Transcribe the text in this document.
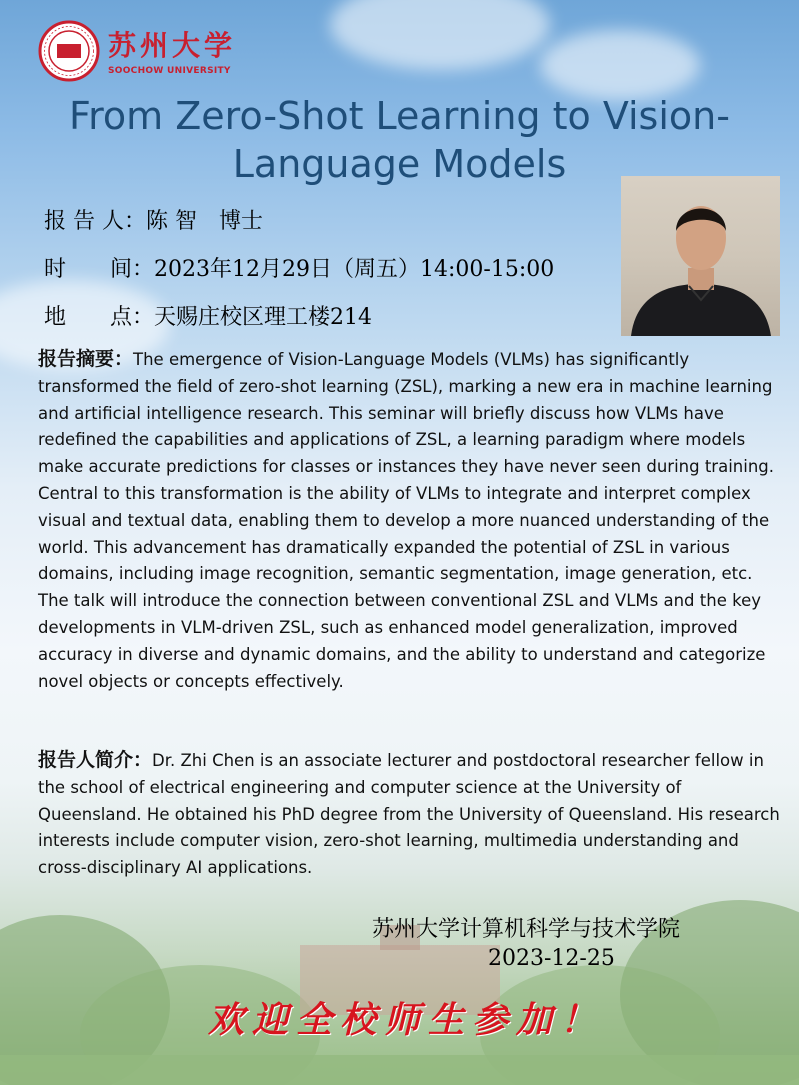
苏州大学
SOOCHOW UNIVERSITY
From Zero-Shot Learning to Vision-Language Models
报 告 人：陈 智　博士
时　　间：2023年12月29日（周五）14:00-15:00
地　　点：天赐庄校区理工楼214
报告摘要：The emergence of Vision-Language Models (VLMs) has significantly transformed the field of zero-shot learning (ZSL), marking a new era in machine learning and artificial intelligence research. This seminar will briefly discuss how VLMs have redefined the capabilities and applications of ZSL, a learning paradigm where models make accurate predictions for classes or instances they have never seen during training. Central to this transformation is the ability of VLMs to integrate and interpret complex visual and textual data, enabling them to develop a more nuanced understanding of the world. This advancement has dramatically expanded the potential of ZSL in various domains, including image recognition, semantic segmentation, image generation, etc. The talk will introduce the connection between conventional ZSL and VLMs and the key developments in VLM-driven ZSL, such as enhanced model generalization, improved accuracy in diverse and dynamic domains, and the ability to understand and categorize novel objects or concepts effectively.
报告人简介：Dr. Zhi Chen is an associate lecturer and postdoctoral researcher fellow in the school of electrical engineering and computer science at the University of Queensland. He obtained his PhD degree from the University of Queensland. His research interests include computer vision, zero-shot learning, multimedia understanding and cross-disciplinary AI applications.
苏州大学计算机科学与技术学院
2023-12-25
欢迎全校师生参加！
